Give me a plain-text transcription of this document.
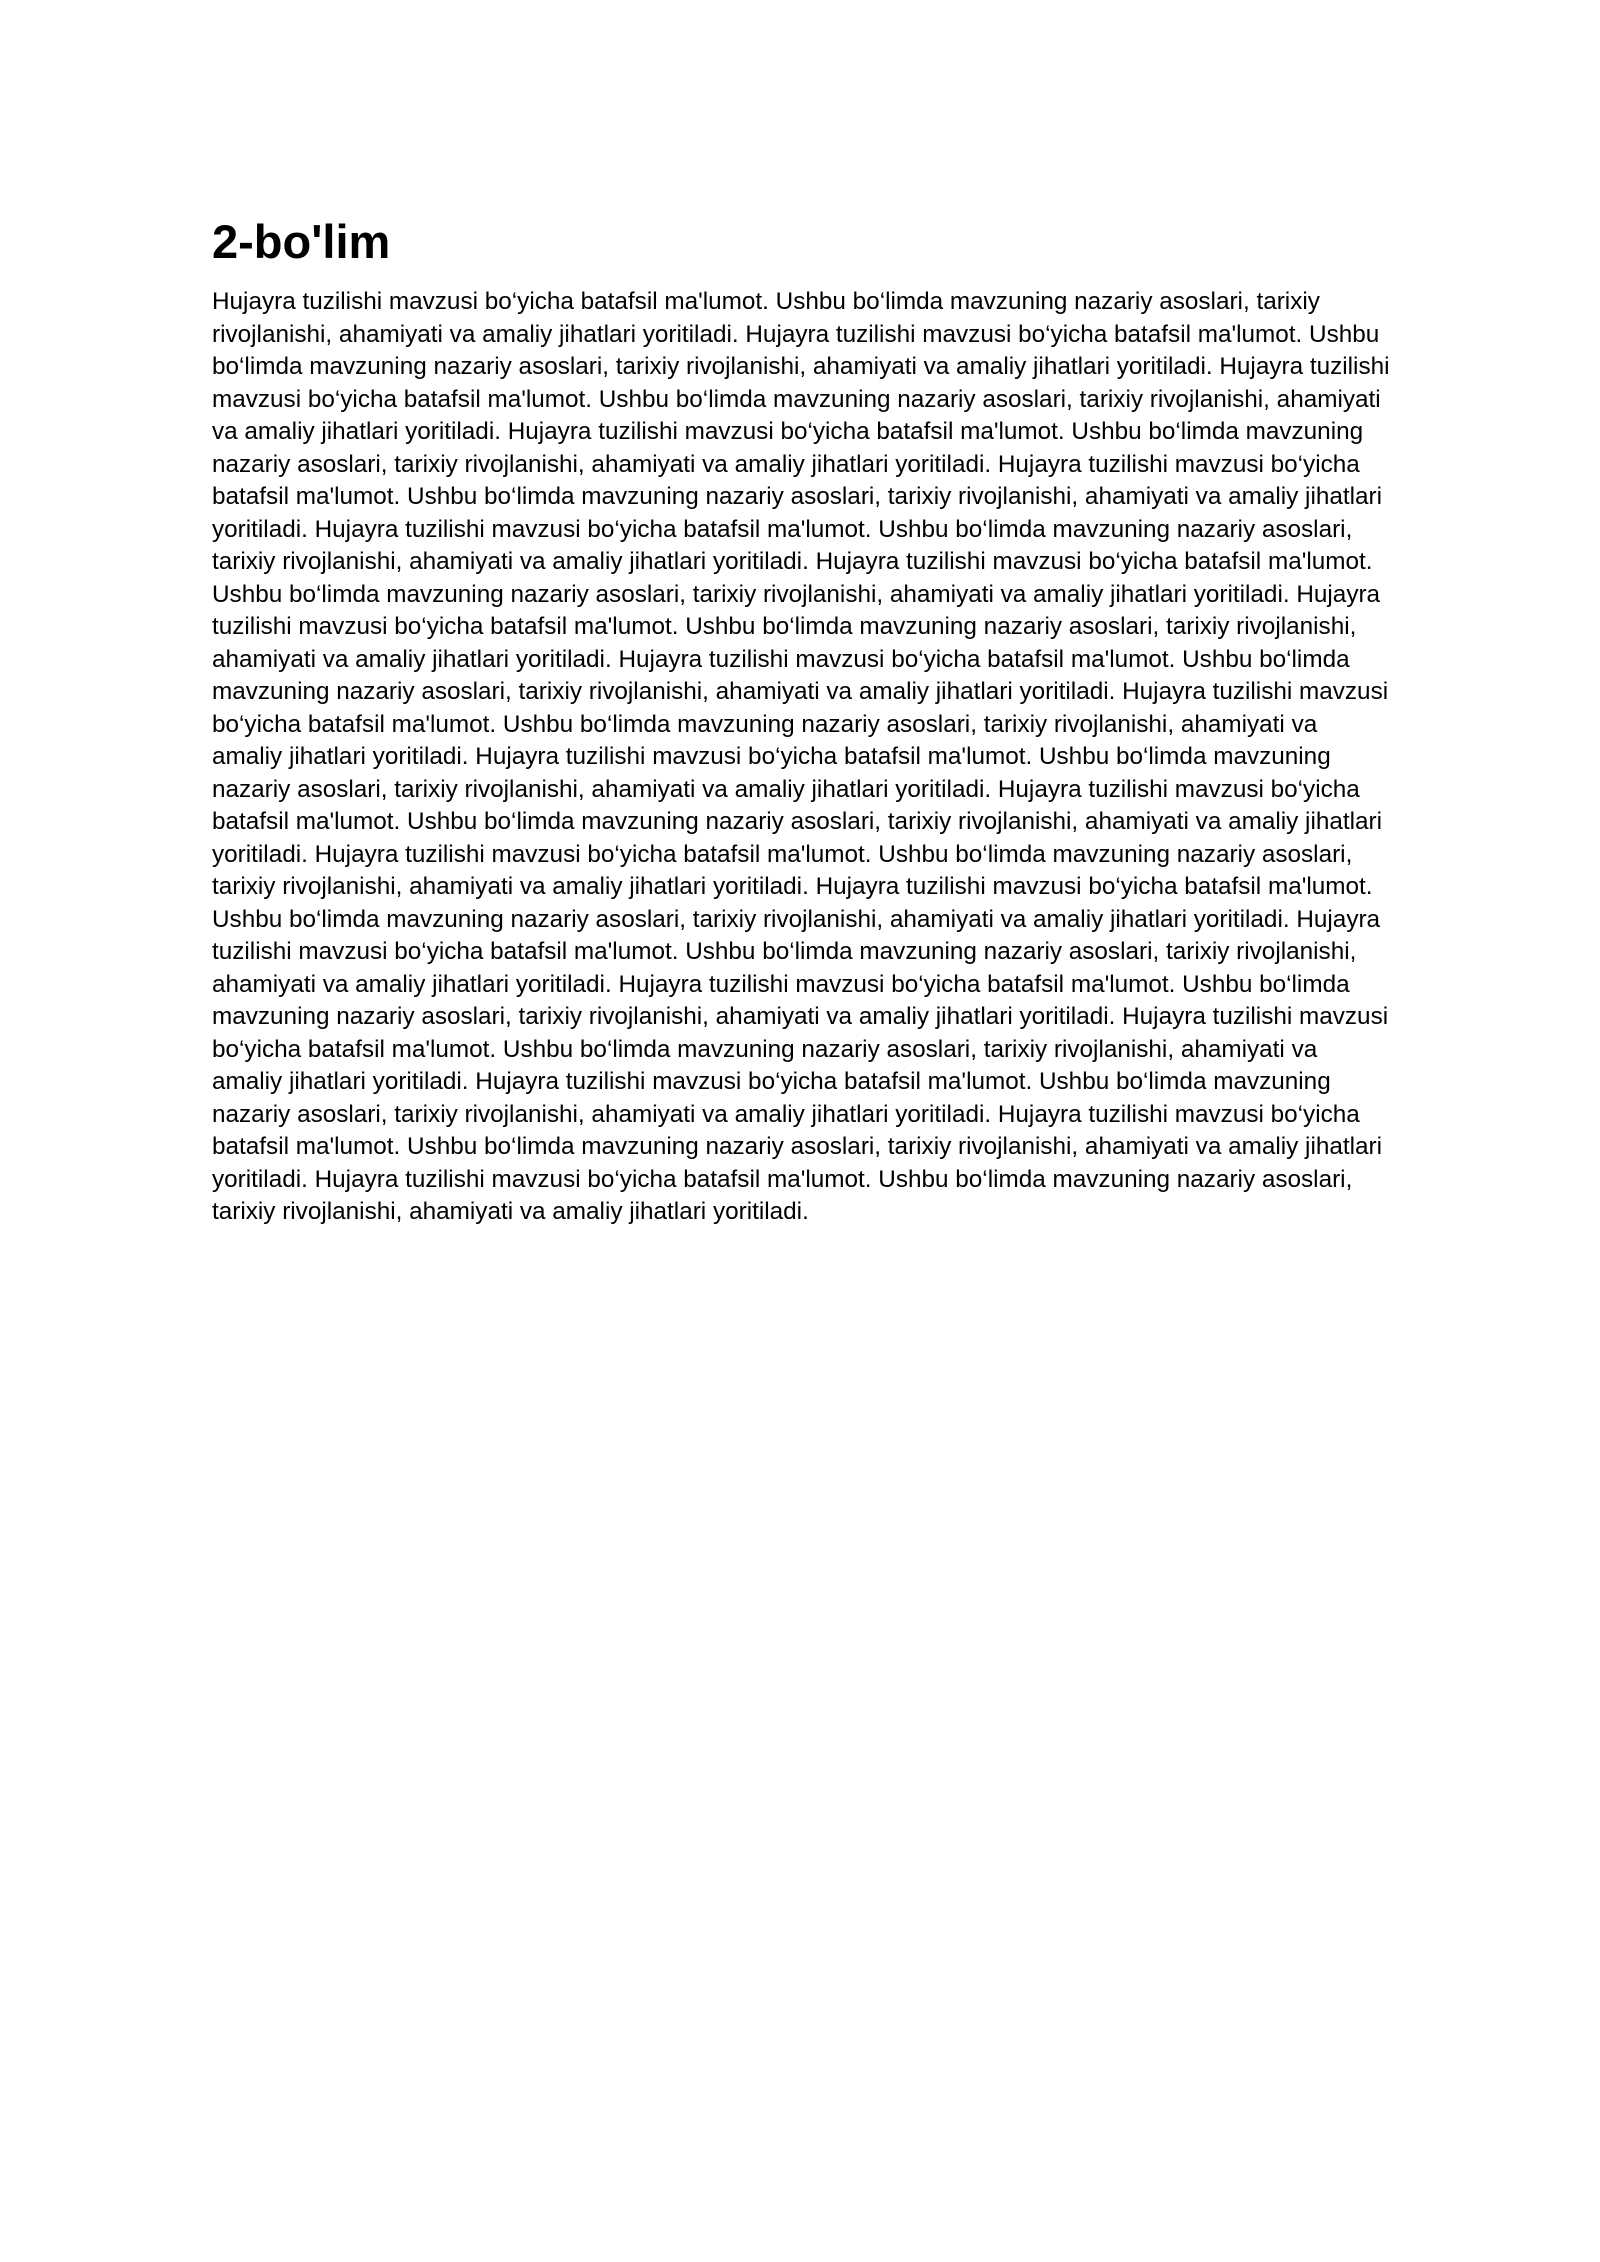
2-bo'lim

Hujayra tuzilishi mavzusi bo‘yicha batafsil ma'lumot. Ushbu bo‘limda mavzuning nazariy asoslari, tarixiy rivojlanishi, ahamiyati va amaliy jihatlari yoritiladi. Hujayra tuzilishi mavzusi bo‘yicha batafsil ma'lumot. Ushbu bo‘limda mavzuning nazariy asoslari, tarixiy rivojlanishi, ahamiyati va amaliy jihatlari yoritiladi. Hujayra tuzilishi mavzusi bo‘yicha batafsil ma'lumot. Ushbu bo‘limda mavzuning nazariy asoslari, tarixiy rivojlanishi, ahamiyati va amaliy jihatlari yoritiladi. Hujayra tuzilishi mavzusi bo‘yicha batafsil ma'lumot. Ushbu bo‘limda mavzuning nazariy asoslari, tarixiy rivojlanishi, ahamiyati va amaliy jihatlari yoritiladi. Hujayra tuzilishi mavzusi bo‘yicha batafsil ma'lumot. Ushbu bo‘limda mavzuning nazariy asoslari, tarixiy rivojlanishi, ahamiyati va amaliy jihatlari yoritiladi. Hujayra tuzilishi mavzusi bo‘yicha batafsil ma'lumot. Ushbu bo‘limda mavzuning nazariy asoslari, tarixiy rivojlanishi, ahamiyati va amaliy jihatlari yoritiladi. Hujayra tuzilishi mavzusi bo‘yicha batafsil ma'lumot. Ushbu bo‘limda mavzuning nazariy asoslari, tarixiy rivojlanishi, ahamiyati va amaliy jihatlari yoritiladi. Hujayra tuzilishi mavzusi bo‘yicha batafsil ma'lumot. Ushbu bo‘limda mavzuning nazariy asoslari, tarixiy rivojlanishi, ahamiyati va amaliy jihatlari yoritiladi. Hujayra tuzilishi mavzusi bo‘yicha batafsil ma'lumot. Ushbu bo‘limda mavzuning nazariy asoslari, tarixiy rivojlanishi, ahamiyati va amaliy jihatlari yoritiladi. Hujayra tuzilishi mavzusi bo‘yicha batafsil ma'lumot. Ushbu bo‘limda mavzuning nazariy asoslari, tarixiy rivojlanishi, ahamiyati va amaliy jihatlari yoritiladi. Hujayra tuzilishi mavzusi bo‘yicha batafsil ma'lumot. Ushbu bo‘limda mavzuning nazariy asoslari, tarixiy rivojlanishi, ahamiyati va amaliy jihatlari yoritiladi. Hujayra tuzilishi mavzusi bo‘yicha batafsil ma'lumot. Ushbu bo‘limda mavzuning nazariy asoslari, tarixiy rivojlanishi, ahamiyati va amaliy jihatlari yoritiladi. Hujayra tuzilishi mavzusi bo‘yicha batafsil ma'lumot. Ushbu bo‘limda mavzuning nazariy asoslari, tarixiy rivojlanishi, ahamiyati va amaliy jihatlari yoritiladi. Hujayra tuzilishi mavzusi bo‘yicha batafsil ma'lumot. Ushbu bo‘limda mavzuning nazariy asoslari, tarixiy rivojlanishi, ahamiyati va amaliy jihatlari yoritiladi. Hujayra tuzilishi mavzusi bo‘yicha batafsil ma'lumot. Ushbu bo‘limda mavzuning nazariy asoslari, tarixiy rivojlanishi, ahamiyati va amaliy jihatlari yoritiladi. Hujayra tuzilishi mavzusi bo‘yicha batafsil ma'lumot. Ushbu bo‘limda mavzuning nazariy asoslari, tarixiy rivojlanishi, ahamiyati va amaliy jihatlari yoritiladi. Hujayra tuzilishi mavzusi bo‘yicha batafsil ma'lumot. Ushbu bo‘limda mavzuning nazariy asoslari, tarixiy rivojlanishi, ahamiyati va amaliy jihatlari yoritiladi. Hujayra tuzilishi mavzusi bo‘yicha batafsil ma'lumot. Ushbu bo‘limda mavzuning nazariy asoslari, tarixiy rivojlanishi, ahamiyati va amaliy jihatlari yoritiladi. Hujayra tuzilishi mavzusi bo‘yicha batafsil ma'lumot. Ushbu bo‘limda mavzuning nazariy asoslari, tarixiy rivojlanishi, ahamiyati va amaliy jihatlari yoritiladi. Hujayra tuzilishi mavzusi bo‘yicha batafsil ma'lumot. Ushbu bo‘limda mavzuning nazariy asoslari, tarixiy rivojlanishi, ahamiyati va amaliy jihatlari yoritiladi.
